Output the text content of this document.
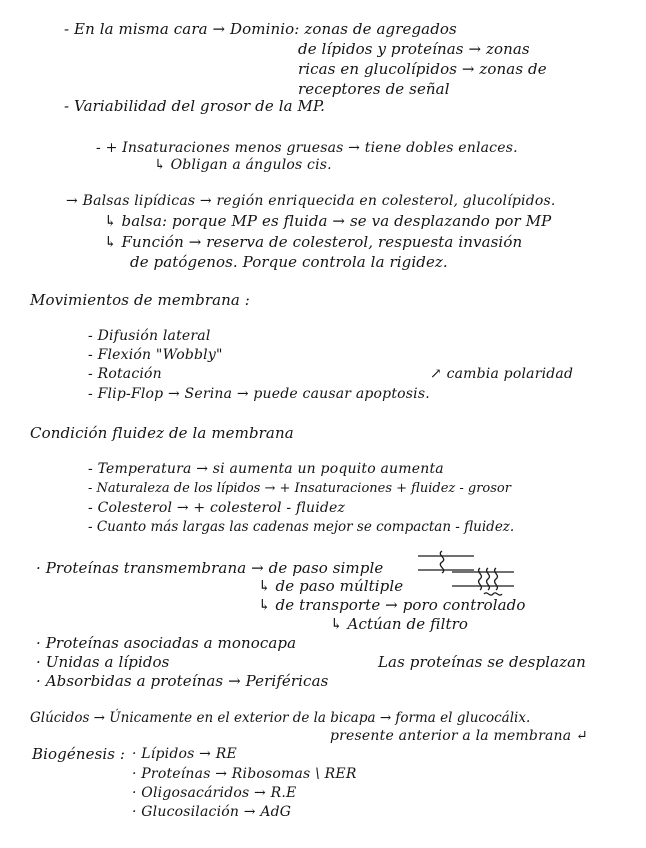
- En la misma cara → Dominio: zonas de agregados
de lípidos y proteínas → zonas
ricas en glucolípidos → zonas de
receptores de señal
- Variabilidad del grosor de la MP.
- + Insaturaciones menos gruesas → tiene dobles enlaces.
↳ Obligan a ángulos cis.
→ Balsas lipídicas → región enriquecida en colesterol, glucolípidos.
↳ balsa: porque MP es fluida → se va desplazando por MP
↳ Función → reserva de colesterol, respuesta invasión
de patógenos. Porque controla la rigidez.
Movimientos de membrana :
- Difusión lateral
- Flexión "Wobbly"
- Rotación	↗ cambia polaridad
- Flip-Flop → Serina → puede causar apoptosis.
Condición fluidez de la membrana
- Temperatura → si aumenta un poquito aumenta
- Naturaleza de los lípidos → + Insaturaciones + fluidez - grosor
- Colesterol → + colesterol - fluidez
- Cuanto más largas las cadenas mejor se compactan - fluidez.
· Proteínas transmembrana → de paso simple
↳ de paso múltiple
↳ de transporte → poro controlado
↳ Actúan de filtro
· Proteínas asociadas a monocapa
· Unidas a lípidos	Las proteínas se desplazan
· Absorbidas a proteínas → Periféricas
Glúcidos → Únicamente en el exterior de la bicapa → forma el glucocálix.
presente anterior a la membrana ↵
Biogénesis : · Lípidos → RE
· Proteínas → Ribosomas \ RER
· Oligosacáridos → R.E
· Glucosilación → AdG
